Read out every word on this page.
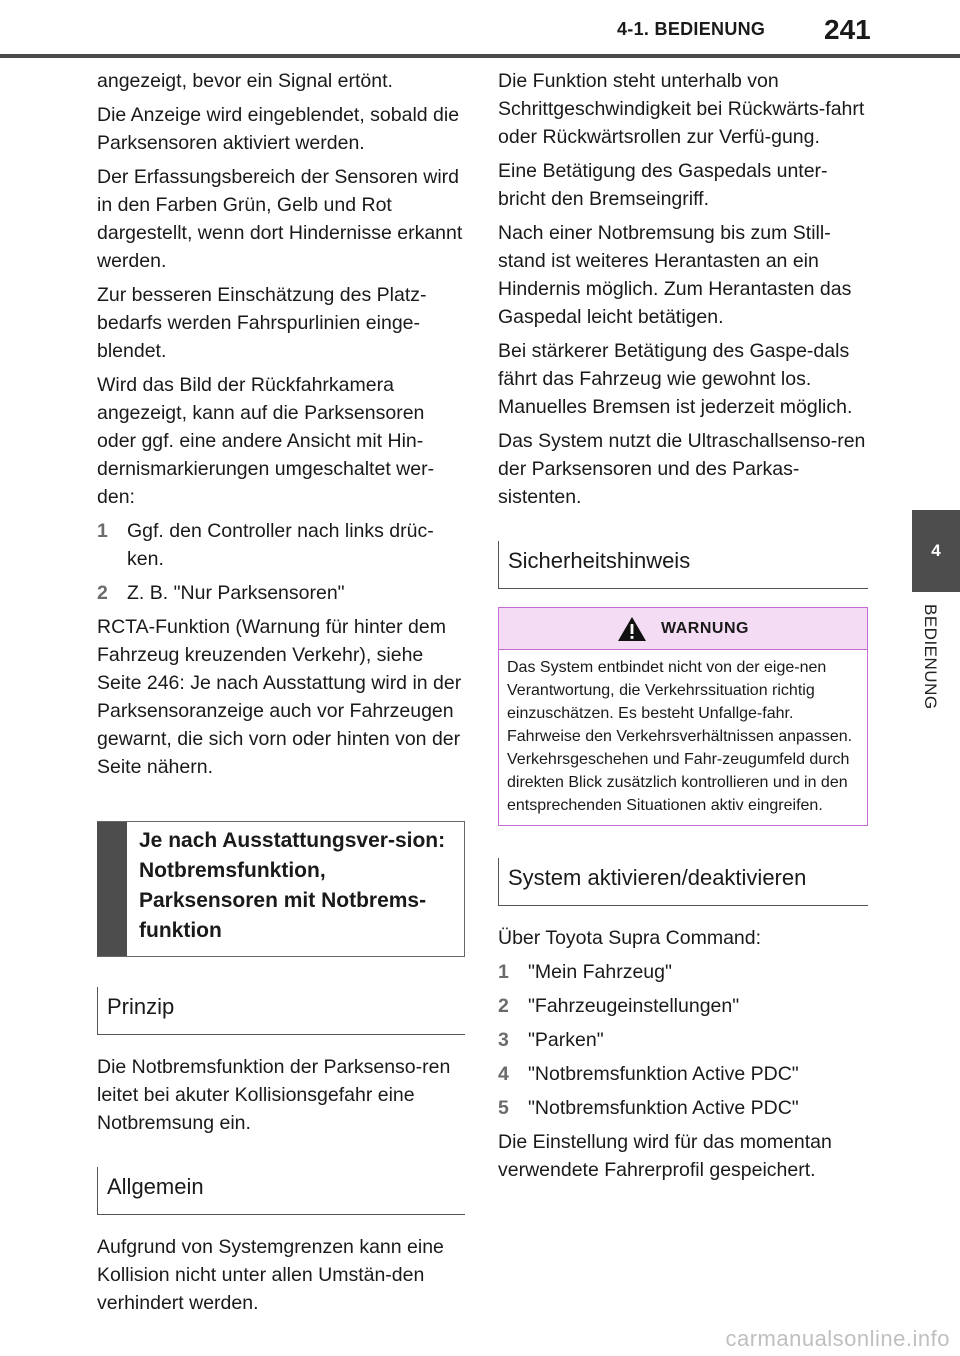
4-1. BEDIENUNG 241
4
BEDIENUNG

angezeigt, bevor ein Signal ertönt.

Die Anzeige wird eingeblendet, sobald die Parksensoren aktiviert werden.

Der Erfassungsbereich der Sensoren wird in den Farben Grün, Gelb und Rot dargestellt, wenn dort Hindernisse erkannt werden.

Zur besseren Einschätzung des Platz-bedarfs werden Fahrspurlinien einge-blendet.

Wird das Bild der Rückfahrkamera angezeigt, kann auf die Parksensoren oder ggf. eine andere Ansicht mit Hin-dernismarkierungen umgeschaltet wer-den:

1 Ggf. den Controller nach links drüc-ken.
2 Z. B. "Nur Parksensoren"

RCTA-Funktion (Warnung für hinter dem Fahrzeug kreuzenden Verkehr), siehe Seite 246: Je nach Ausstattung wird in der Parksensoranzeige auch vor Fahrzeugen gewarnt, die sich vorn oder hinten von der Seite nähern.

Je nach Ausstattungsver-sion: Notbremsfunktion, Parksensoren mit Notbrems-funktion
Prinzip

Die Notbremsfunktion der Parksenso-ren leitet bei akuter Kollisionsgefahr eine Notbremsung ein.

Allgemein

Aufgrund von Systemgrenzen kann eine Kollision nicht unter allen Umstän-den verhindert werden.

Die Funktion steht unterhalb von Schrittgeschwindigkeit bei Rückwärts-fahrt oder Rückwärtsrollen zur Verfü-gung.

Eine Betätigung des Gaspedals unter-bricht den Bremseingriff.

Nach einer Notbremsung bis zum Still-stand ist weiteres Herantasten an ein Hindernis möglich. Zum Herantasten das Gaspedal leicht betätigen.

Bei stärkerer Betätigung des Gaspe-dals fährt das Fahrzeug wie gewohnt los. Manuelles Bremsen ist jederzeit möglich.

Das System nutzt die Ultraschallsenso-ren der Parksensoren und des Parkas-sistenten.

Sicherheitshinweis
WARNUNG
Das System entbindet nicht von der eige-nen Verantwortung, die Verkehrssituation richtig einzuschätzen. Es besteht Unfallge-fahr. Fahrweise den Verkehrsverhältnissen anpassen. Verkehrsgeschehen und Fahr-zeugumfeld durch direkten Blick zusätzlich kontrollieren und in den entsprechenden Situationen aktiv eingreifen.
System aktivieren/deaktivieren

Über Toyota Supra Command:

1 "Mein Fahrzeug"
2 "Fahrzeugeinstellungen"
3 "Parken"
4 "Notbremsfunktion Active PDC"
5 "Notbremsfunktion Active PDC"

Die Einstellung wird für das momentan verwendete Fahrerprofil gespeichert.

carmanualsonline.info
